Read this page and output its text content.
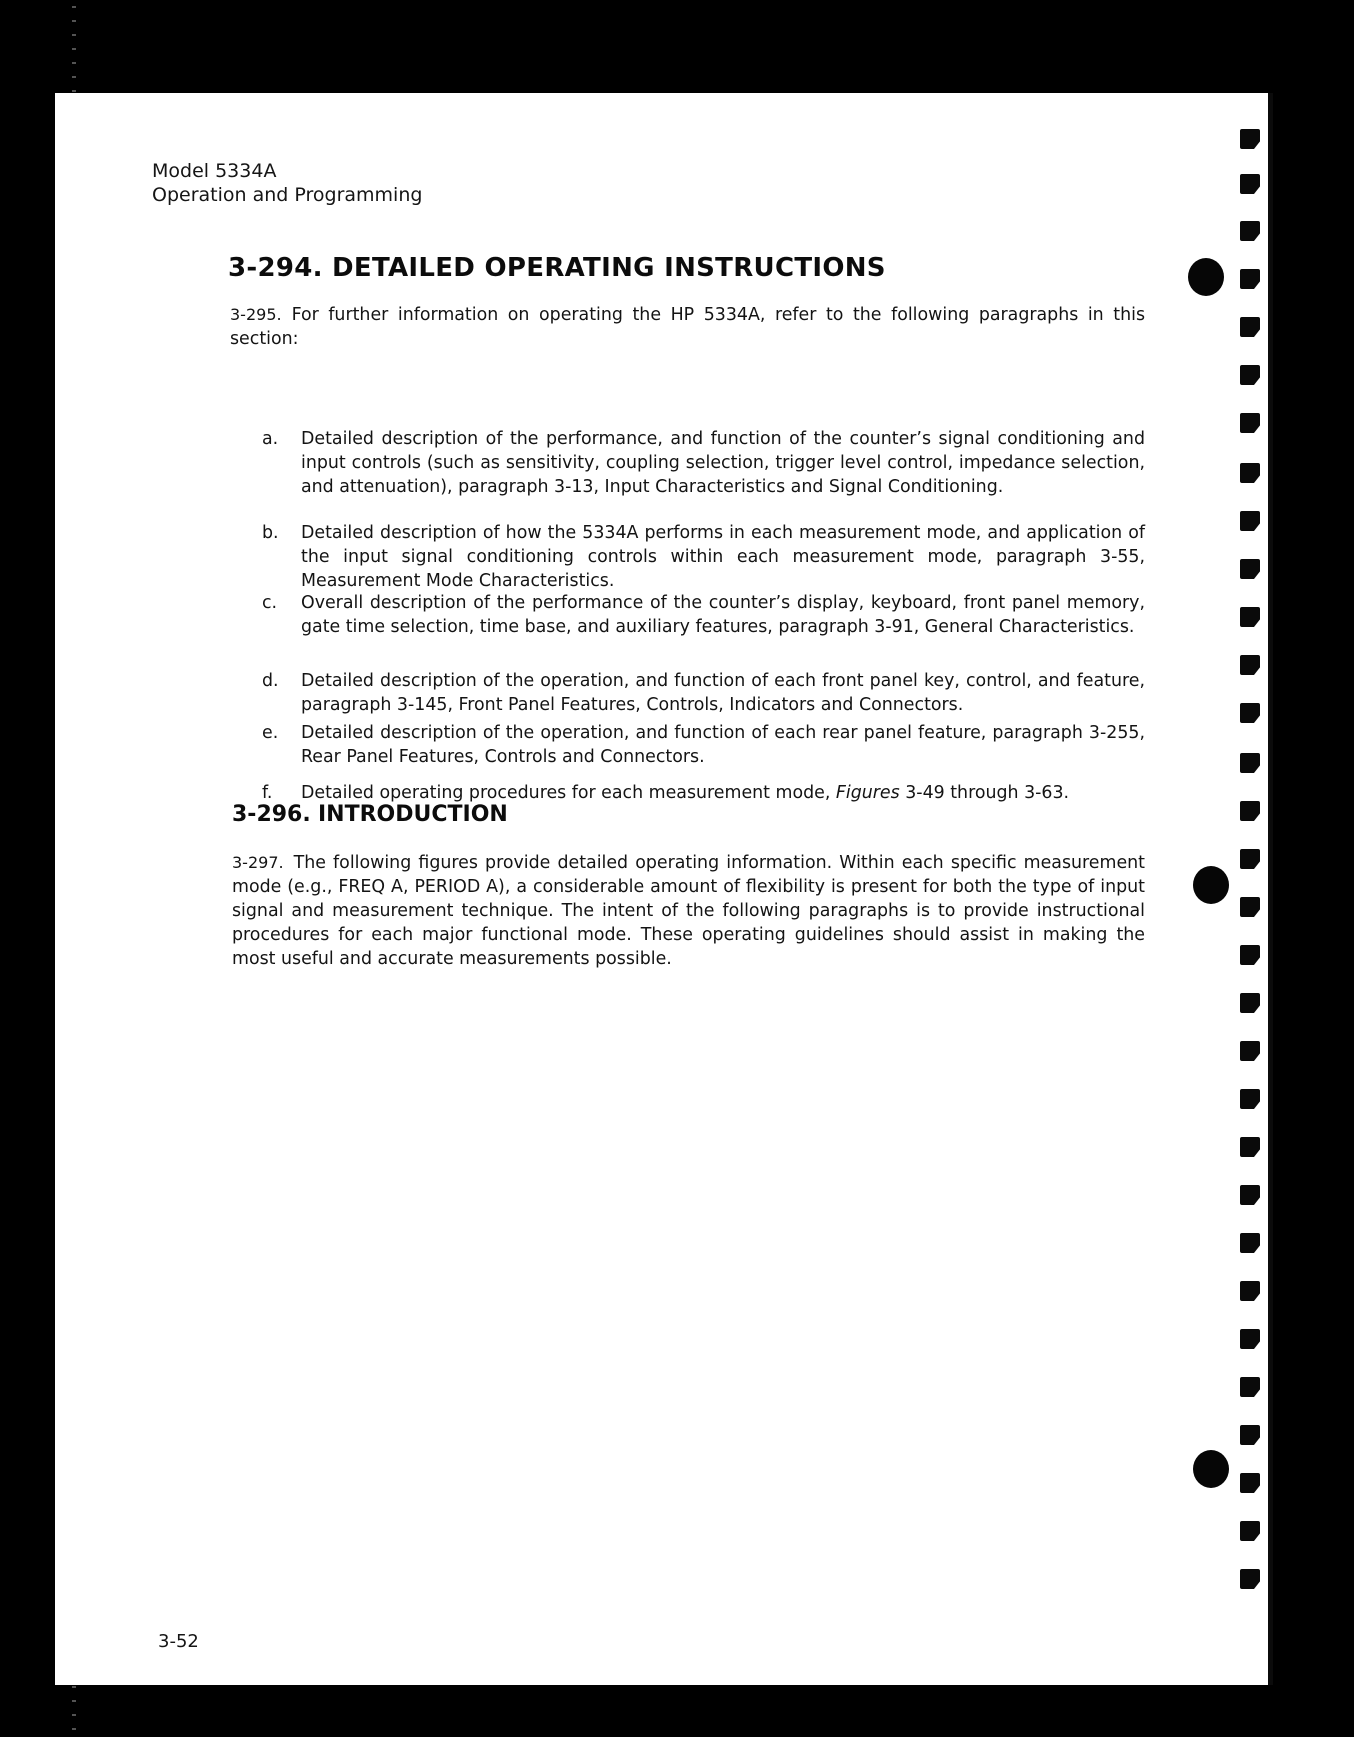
Model 5334A
Operation and Programming
3-294. DETAILED OPERATING INSTRUCTIONS
3-295. For further information on operating the HP 5334A, refer to the following paragraphs in this section:
a.	Detailed description of the performance, and function of the counter’s signal conditioning and input controls (such as sensitivity, coupling selection, trigger level control, impedance selection, and attenuation), paragraph 3-13, Input Characteristics and Signal Conditioning.
b.	Detailed description of how the 5334A performs in each measurement mode, and application of the input signal conditioning controls within each measurement mode, paragraph 3-55, Measurement Mode Characteristics.
c.	Overall description of the performance of the counter’s display, keyboard, front panel memory, gate time selection, time base, and auxiliary features, paragraph 3-91, General Characteristics.
d.	Detailed description of the operation, and function of each front panel key, control, and feature, paragraph 3-145, Front Panel Features, Controls, Indicators and Connectors.
e.	Detailed description of the operation, and function of each rear panel feature, paragraph 3-255, Rear Panel Features, Controls and Connectors.
f.	Detailed operating procedures for each measurement mode, Figures 3-49 through 3-63.
3-296. INTRODUCTION
3-297. The following figures provide detailed operating information. Within each specific measurement mode (e.g., FREQ A, PERIOD A), a considerable amount of flexibility is present for both the type of input signal and measurement technique. The intent of the following paragraphs is to provide instructional procedures for each major functional mode. These operating guidelines should assist in making the most useful and accurate measurements possible.
3-52
